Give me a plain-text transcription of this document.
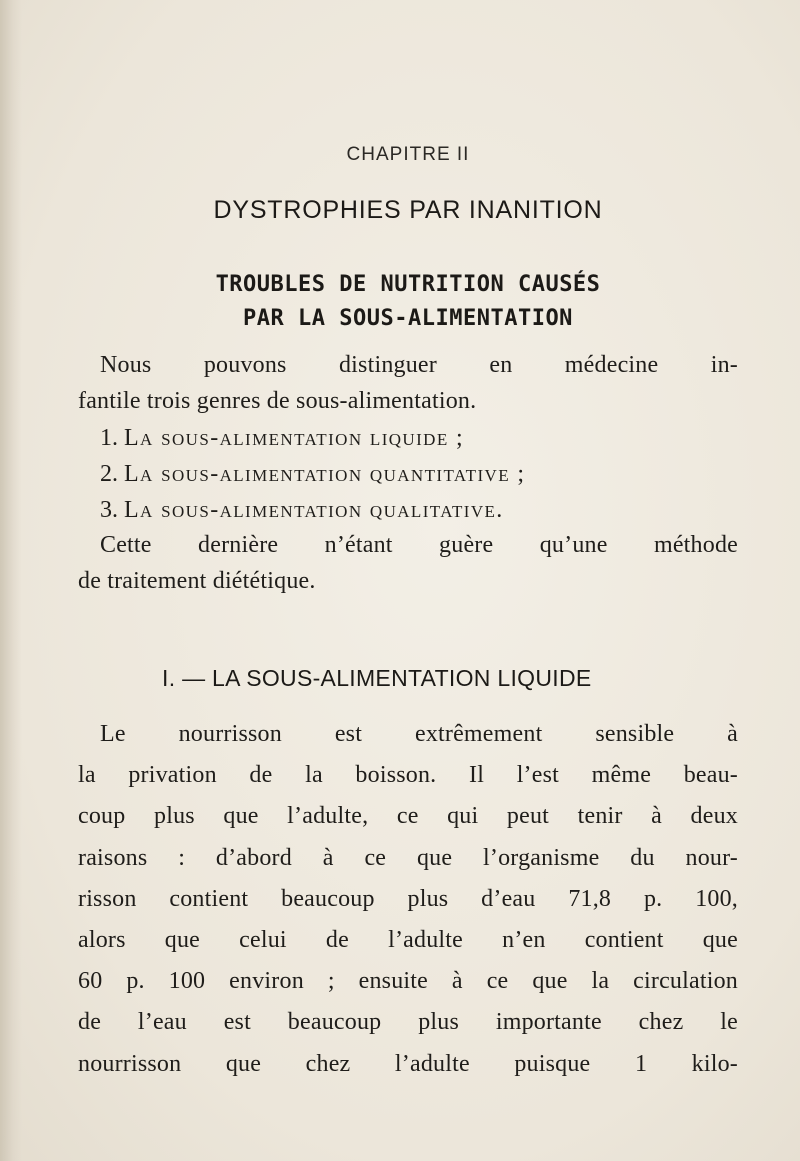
CHAPITRE II
DYSTROPHIES PAR INANITION
TROUBLES DE NUTRITION CAUSÉS
PAR LA SOUS-ALIMENTATION
Nous pouvons distinguer en médecine in-
fantile trois genres de sous-alimentation.
1. La sous-alimentation liquide ;
2. La sous-alimentation quantitative ;
3. La sous-alimentation qualitative.
Cette dernière n’étant guère qu’une méthode
de traitement diététique.
I. — LA SOUS-ALIMENTATION LIQUIDE
Le nourrisson est extrêmement sensible à
la privation de la boisson. Il l’est même beau-
coup plus que l’adulte, ce qui peut tenir à deux
raisons : d’abord à ce que l’organisme du nour-
risson contient beaucoup plus d’eau 71,8 p. 100,
alors que celui de l’adulte n’en contient que
60 p. 100 environ ; ensuite à ce que la circulation
de l’eau est beaucoup plus importante chez le
nourrisson que chez l’adulte puisque 1 kilo-
